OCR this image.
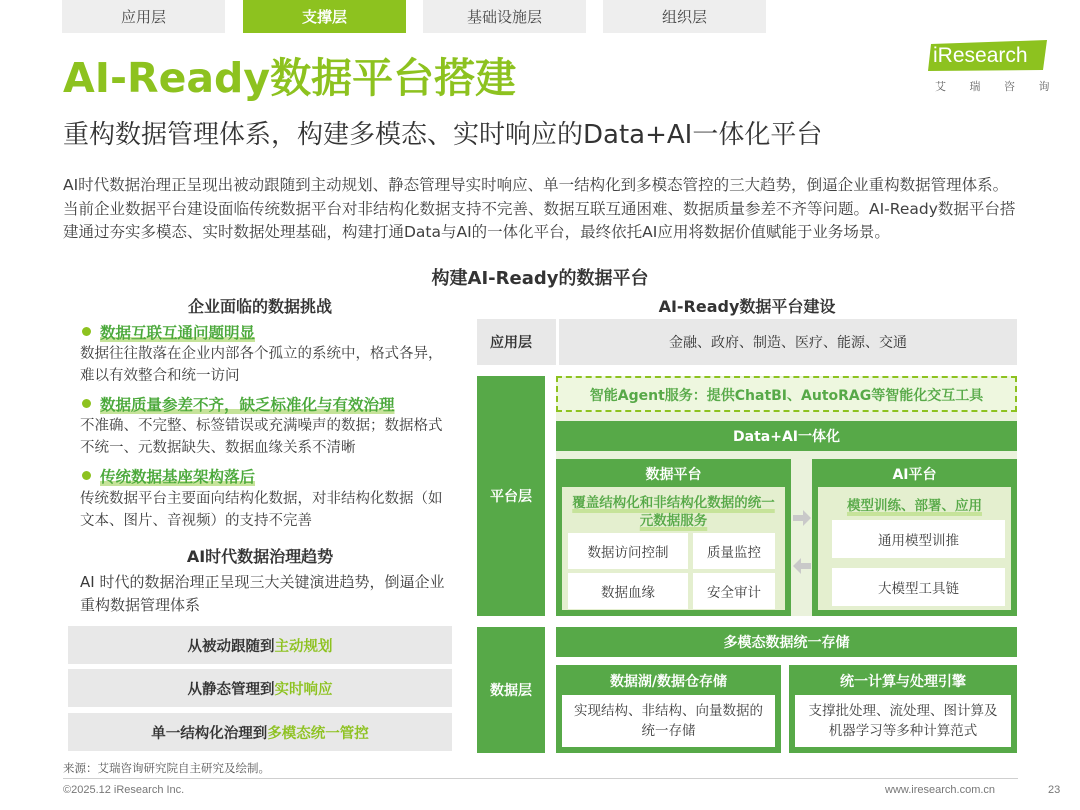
应用层	支撑层	基础设施层	组织层
iResearch
艾 瑞 咨 询
AI-Ready数据平台搭建
重构数据管理体系，构建多模态、实时响应的Data+AI一体化平台
AI时代数据治理正呈现出被动跟随到主动规划、静态管理导实时响应、单一结构化到多模态管控的三大趋势，倒逼企业重构数据管理体系。当前企业数据平台建设面临传统数据平台对非结构化数据支持不完善、数据互联互通困难、数据质量参差不齐等问题。AI-Ready数据平台搭建通过夯实多模态、实时数据处理基础，构建打通Data与AI的一体化平台，最终依托AI应用将数据价值赋能于业务场景。
构建AI-Ready的数据平台
企业面临的数据挑战
数据互联互通问题明显
数据往往散落在企业内部各个孤立的系统中，格式各异，难以有效整合和统一访问
数据质量参差不齐，缺乏标准化与有效治理
不准确、不完整、标签错误或充满噪声的数据；数据格式不统一、元数据缺失、数据血缘关系不清晰
传统数据基座架构落后
传统数据平台主要面向结构化数据，对非结构化数据（如文本、图片、音视频）的支持不完善
AI时代数据治理趋势
AI 时代的数据治理正呈现三大关键演进趋势，倒逼企业重构数据管理体系
从 被动跟随 到 主动规划
从 静态管理 到 实时响应
单一结构化治理 到 多模态统一管控
AI-Ready数据平台建设
应用层	金融、政府、制造、医疗、能源、交通
平台层
智能Agent服务：提供ChatBI、AutoRAG等智能化交互工具
Data+AI一体化
数据平台
覆盖结构化和非结构化数据的统一元数据服务
数据访问控制	质量监控
数据血缘	安全审计
AI平台
模型训练、部署、应用
通用模型训推
大模型工具链
数据层
多模态数据统一存储
数据湖/数据仓存储
实现结构、非结构、向量数据的统一存储
统一计算与处理引擎
支撑批处理、流处理、图计算及机器学习等多种计算范式
来源：艾瑞咨询研究院自主研究及绘制。
©2025.12 iResearch Inc.	www.iresearch.com.cn	23
